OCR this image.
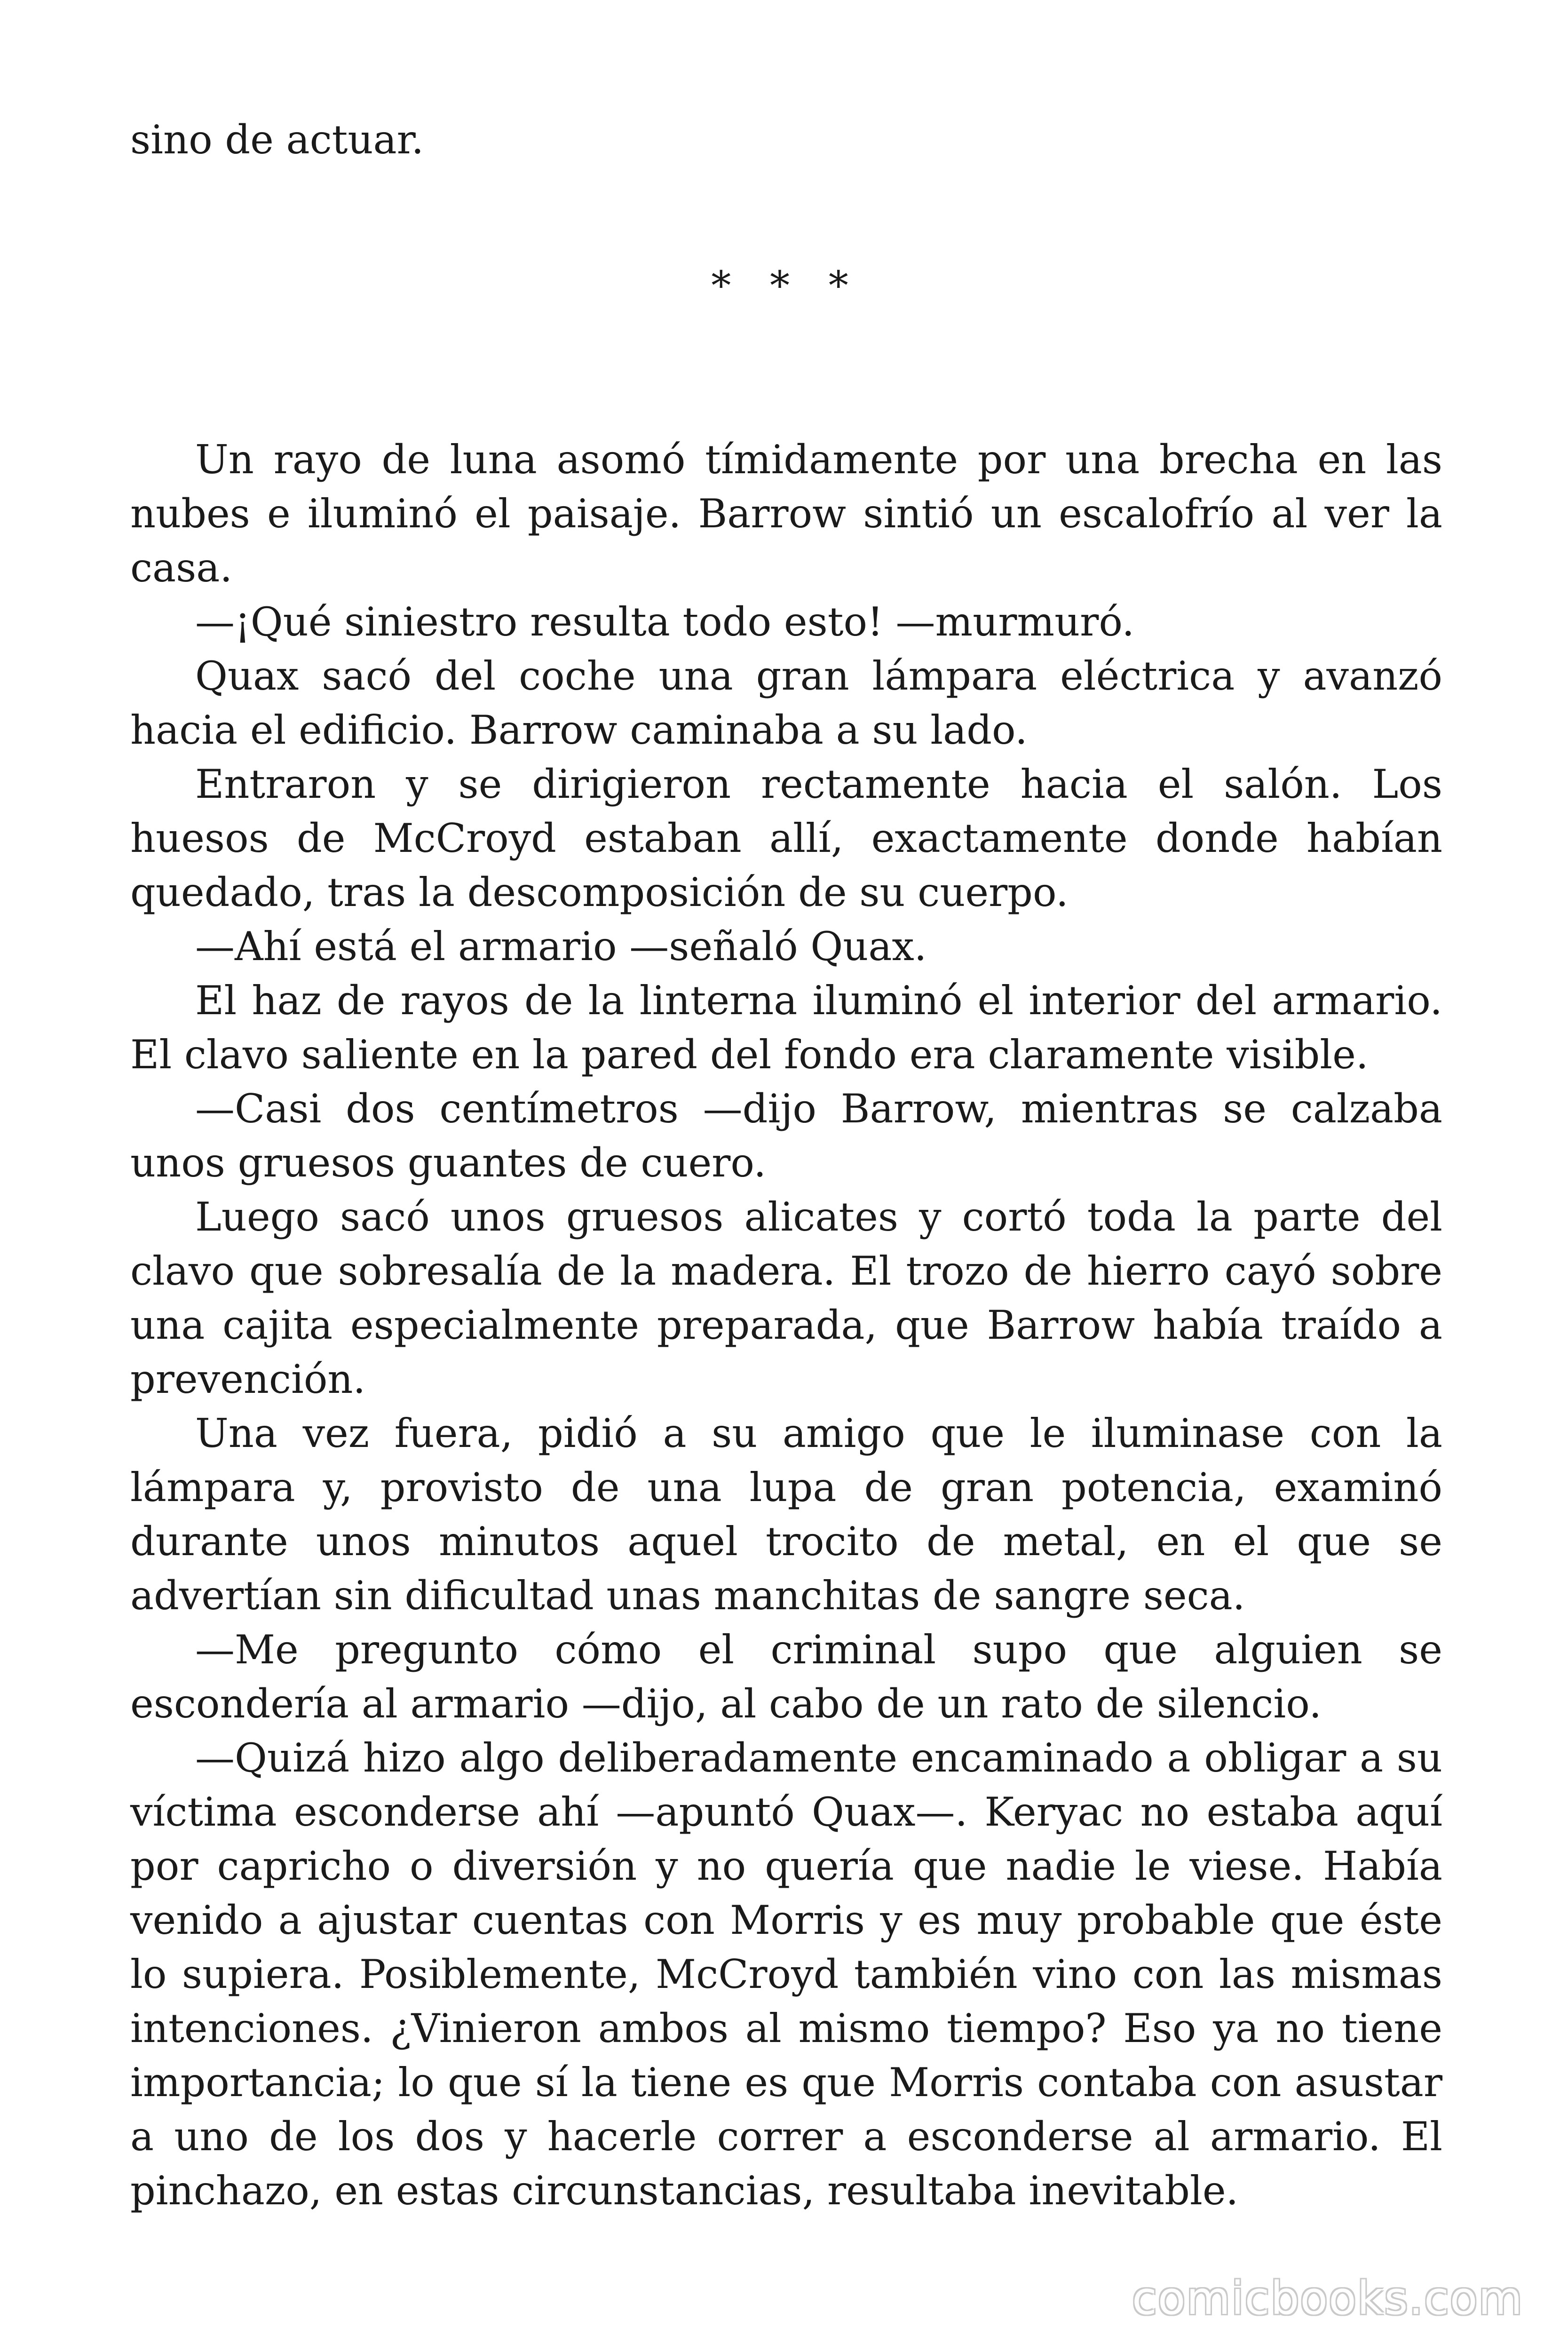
sino de actuar.

* * *

Un rayo de luna asomó tímidamente por una brecha en las nubes e iluminó el paisaje. Barrow sintió un escalofrío al ver la casa.

—¡Qué siniestro resulta todo esto! —murmuró.

Quax sacó del coche una gran lámpara eléctrica y avanzó hacia el edificio. Barrow caminaba a su lado.

Entraron y se dirigieron rectamente hacia el salón. Los huesos de McCroyd estaban allí, exactamente donde habían quedado, tras la descomposición de su cuerpo.

—Ahí está el armario —señaló Quax.

El haz de rayos de la linterna iluminó el interior del armario. El clavo saliente en la pared del fondo era claramente visible.

—Casi dos centímetros —dijo Barrow, mientras se calzaba unos gruesos guantes de cuero.

Luego sacó unos gruesos alicates y cortó toda la parte del clavo que sobresalía de la madera. El trozo de hierro cayó sobre una cajita especialmente preparada, que Barrow había traído a prevención.

Una vez fuera, pidió a su amigo que le iluminase con la lámpara y, provisto de una lupa de gran potencia, examinó durante unos minutos aquel trocito de metal, en el que se advertían sin dificultad unas manchitas de sangre seca.

—Me pregunto cómo el criminal supo que alguien se escondería al armario —dijo, al cabo de un rato de silencio.

—Quizá hizo algo deliberadamente encaminado a obligar a su víctima esconderse ahí —apuntó Quax—. Keryac no estaba aquí por capricho o diversión y no quería que nadie le viese. Había venido a ajustar cuentas con Morris y es muy probable que éste lo supiera. Posiblemente, McCroyd también vino con las mismas intenciones. ¿Vinieron ambos al mismo tiempo? Eso ya no tiene importancia; lo que sí la tiene es que Morris contaba con asustar a uno de los dos y hacerle correr a esconderse al armario. El pinchazo, en estas circunstancias, resultaba inevitable.

comicbooks.com
